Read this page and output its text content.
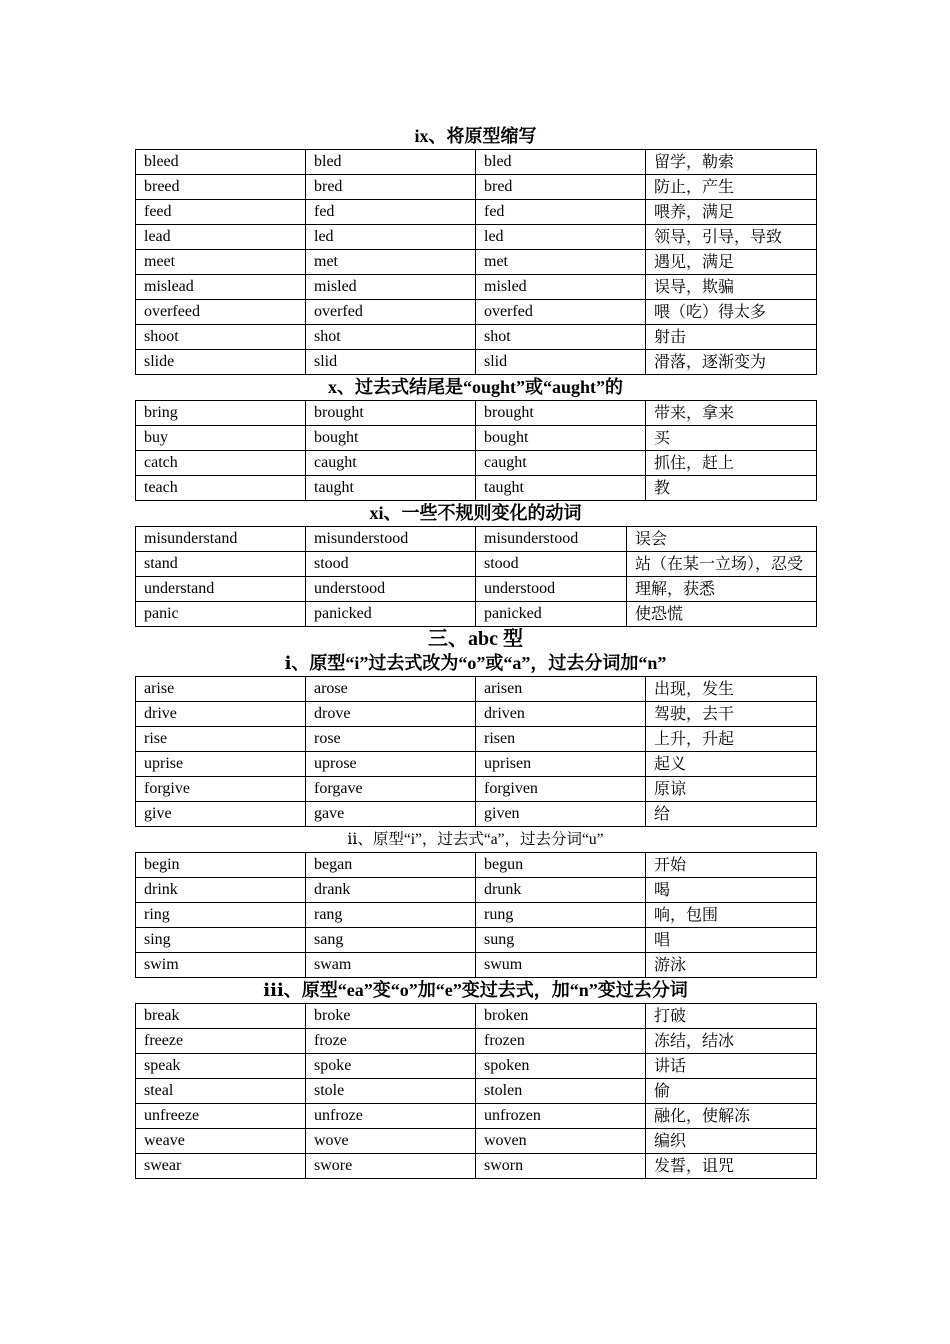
ix、将原型缩写
bleed	bled	bled	留学，勒索
breed	bred	bred	防止，产生
feed	fed	fed	喂养，满足
lead	led	led	领导，引导，导致
meet	met	met	遇见，满足
mislead	misled	misled	误导，欺骗
overfeed	overfed	overfed	喂（吃）得太多
shoot	shot	shot	射击
slide	slid	slid	滑落，逐渐变为
x、过去式结尾是“ought”或“aught”的
bring	brought	brought	带来，拿来
buy	bought	bought	买
catch	caught	caught	抓住，赶上
teach	taught	taught	教
xi、一些不规则变化的动词
misunderstand	misunderstood	misunderstood	误会
stand	stood	stood	站（在某一立场），忍受
understand	understood	understood	理解，获悉
panic	panicked	panicked	使恐慌
三、abc 型
ⅰ、原型“i”过去式改为“o”或“a”，过去分词加“n”
arise	arose	arisen	出现，发生
drive	drove	driven	驾驶，去干
rise	rose	risen	上升，升起
uprise	uprose	uprisen	起义
forgive	forgave	forgiven	原谅
give	gave	given	给
ⅱ、原型“i”，过去式“a”，过去分词“u”
begin	began	begun	开始
drink	drank	drunk	喝
ring	rang	rung	响，包围
sing	sang	sung	唱
swim	swam	swum	游泳
ⅲ、原型“ea”变“o”加“e”变过去式，加“n”变过去分词
break	broke	broken	打破
freeze	froze	frozen	冻结，结冰
speak	spoke	spoken	讲话
steal	stole	stolen	偷
unfreeze	unfroze	unfrozen	融化，使解冻
weave	wove	woven	编织
swear	swore	sworn	发誓，诅咒
